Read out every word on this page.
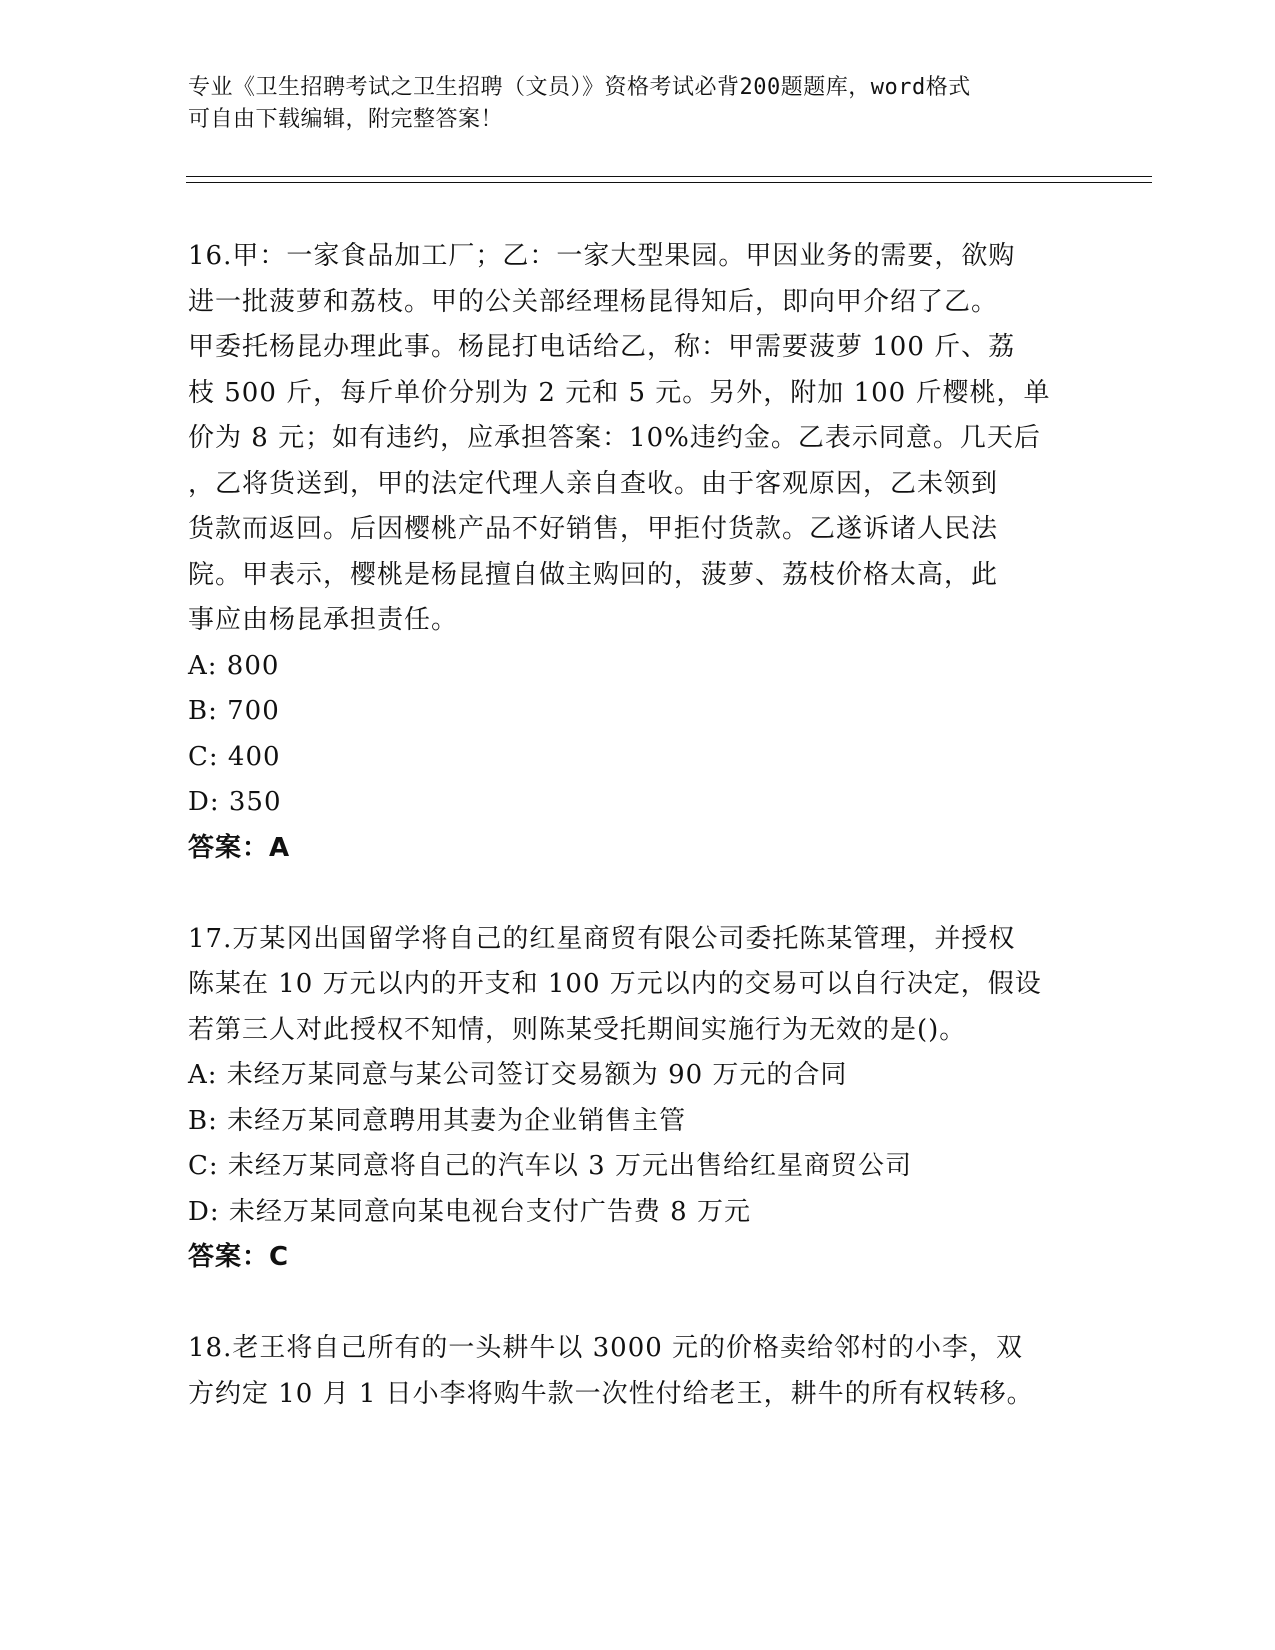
专业《卫生招聘考试之卫生招聘（文员）》资格考试必背200题题库，word格式
可自由下载编辑，附完整答案！
16.甲：一家食品加工厂；乙：一家大型果园。甲因业务的需要，欲购
进一批菠萝和荔枝。甲的公关部经理杨昆得知后，即向甲介绍了乙。
甲委托杨昆办理此事。杨昆打电话给乙，称：甲需要菠萝 100 斤、荔
枝 500 斤，每斤单价分别为 2 元和 5 元。另外，附加 100 斤樱桃，单
价为 8 元；如有违约，应承担答案：10%违约金。乙表示同意。几天后
，乙将货送到，甲的法定代理人亲自查收。由于客观原因，乙未领到
货款而返回。后因樱桃产品不好销售，甲拒付货款。乙遂诉诸人民法
院。甲表示，樱桃是杨昆擅自做主购回的，菠萝、荔枝价格太高，此
事应由杨昆承担责任。
A: 800
B: 700
C: 400
D: 350
答案：A
17.万某冈出国留学将自己的红星商贸有限公司委托陈某管理，并授权
陈某在 10 万元以内的开支和 100 万元以内的交易可以自行决定，假设
若第三人对此授权不知情，则陈某受托期间实施行为无效的是()。
A: 未经万某同意与某公司签订交易额为 90 万元的合同
B: 未经万某同意聘用其妻为企业销售主管
C: 未经万某同意将自己的汽车以 3 万元出售给红星商贸公司
D: 未经万某同意向某电视台支付广告费 8 万元
答案：C
18.老王将自己所有的一头耕牛以 3000 元的价格卖给邻村的小李，双
方约定 10 月 1 日小李将购牛款一次性付给老王，耕牛的所有权转移。
